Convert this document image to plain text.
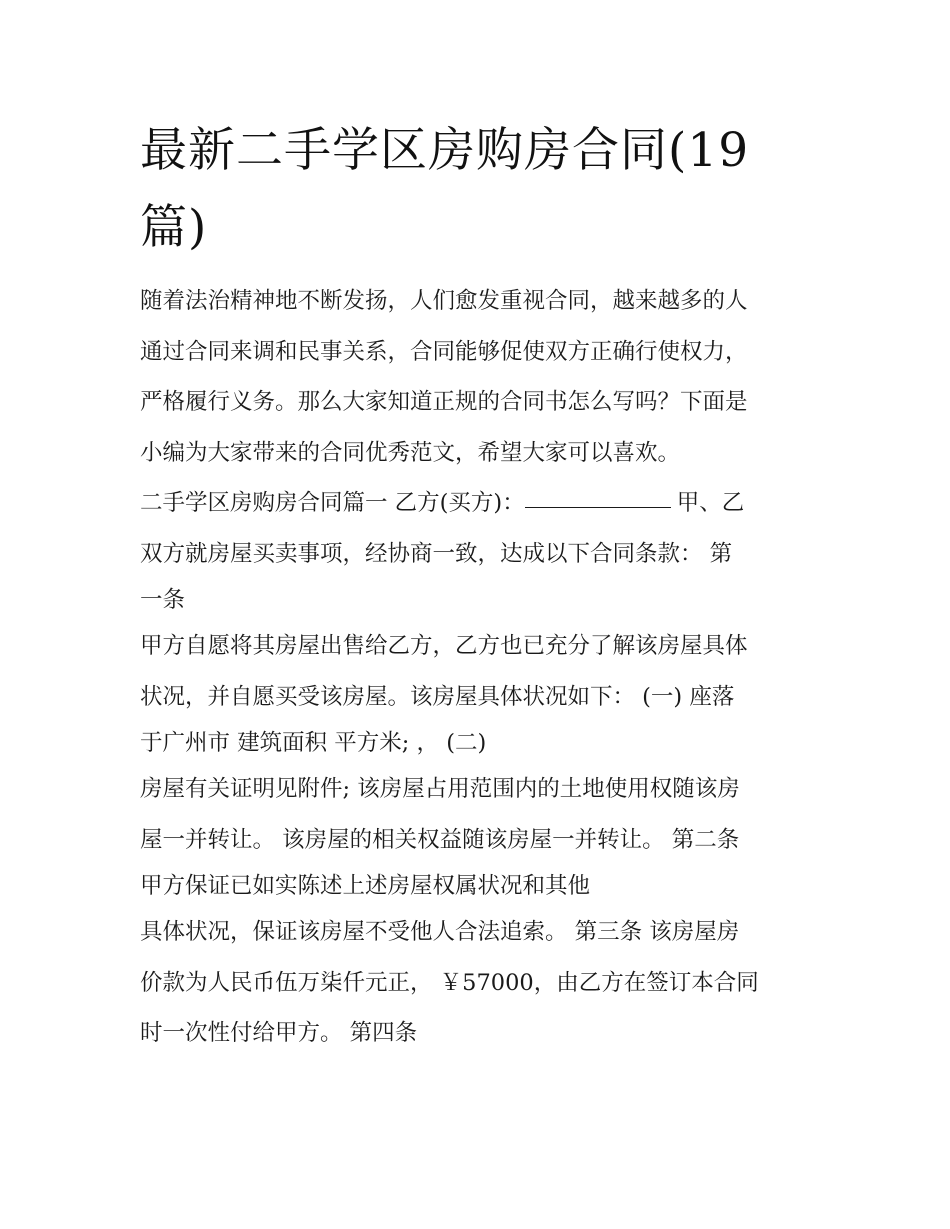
最新二手学区房购房合同(19
篇)
随着法治精神地不断发扬，人们愈发重视合同，越来越多的人
通过合同来调和民事关系，合同能够促使双方正确行使权力，
严格履行义务。那么大家知道正规的合同书怎么写吗？下面是
小编为大家带来的合同优秀范文，希望大家可以喜欢。
二手学区房购房合同篇一 乙方(买方)：	甲、乙
双方就房屋买卖事项，经协商一致，达成以下合同条款： 第
一条
甲方自愿将其房屋出售给乙方，乙方也已充分了解该房屋具体
状况，并自愿买受该房屋。该房屋具体状况如下： (一) 座落
于广州市 建筑面积 平方米; ， (二)
房屋有关证明见附件; 该房屋占用范围内的土地使用权随该房
屋一并转让。 该房屋的相关权益随该房屋一并转让。 第二条
甲方保证已如实陈述上述房屋权属状况和其他
具体状况，保证该房屋不受他人合法追索。 第三条 该房屋房
价款为人民币伍万柒仟元正， ￥57000，由乙方在签订本合同
时一次性付给甲方。 第四条
